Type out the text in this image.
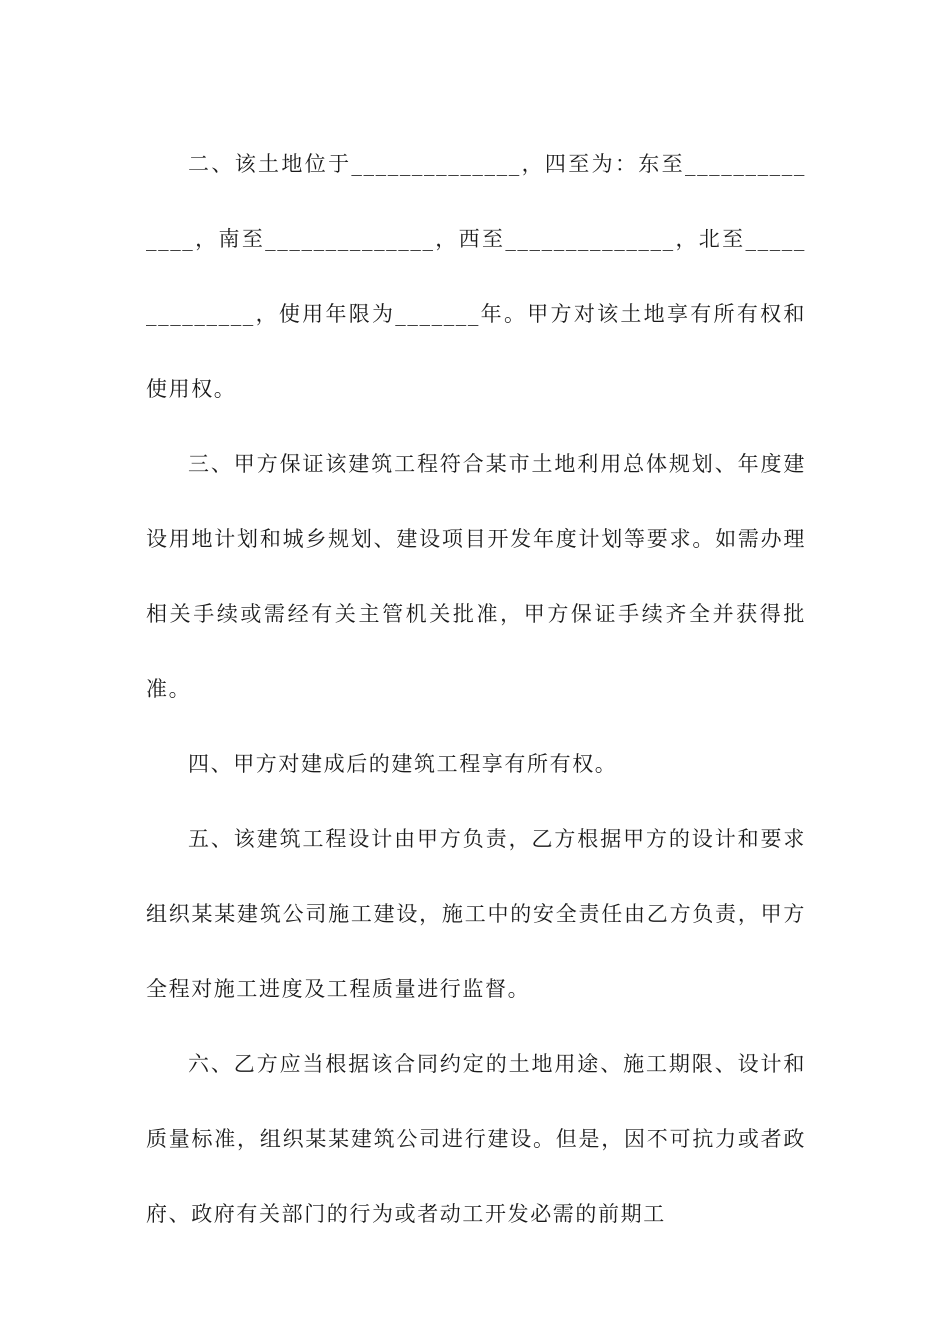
二、该土地位于______________，四至为：东至______________，南至______________，西至______________，北至______________，使用年限为_______年。甲方对该土地享有所有权和使用权。

三、甲方保证该建筑工程符合某市土地利用总体规划、年度建设用地计划和城乡规划、建设项目开发年度计划等要求。如需办理相关手续或需经有关主管机关批准，甲方保证手续齐全并获得批准。

四、甲方对建成后的建筑工程享有所有权。

五、该建筑工程设计由甲方负责，乙方根据甲方的设计和要求组织某某建筑公司施工建设，施工中的安全责任由乙方负责，甲方全程对施工进度及工程质量进行监督。

六、乙方应当根据该合同约定的土地用途、施工期限、设计和质量标准，组织某某建筑公司进行建设。但是，因不可抗力或者政府、政府有关部门的行为或者动工开发必需的前期工
